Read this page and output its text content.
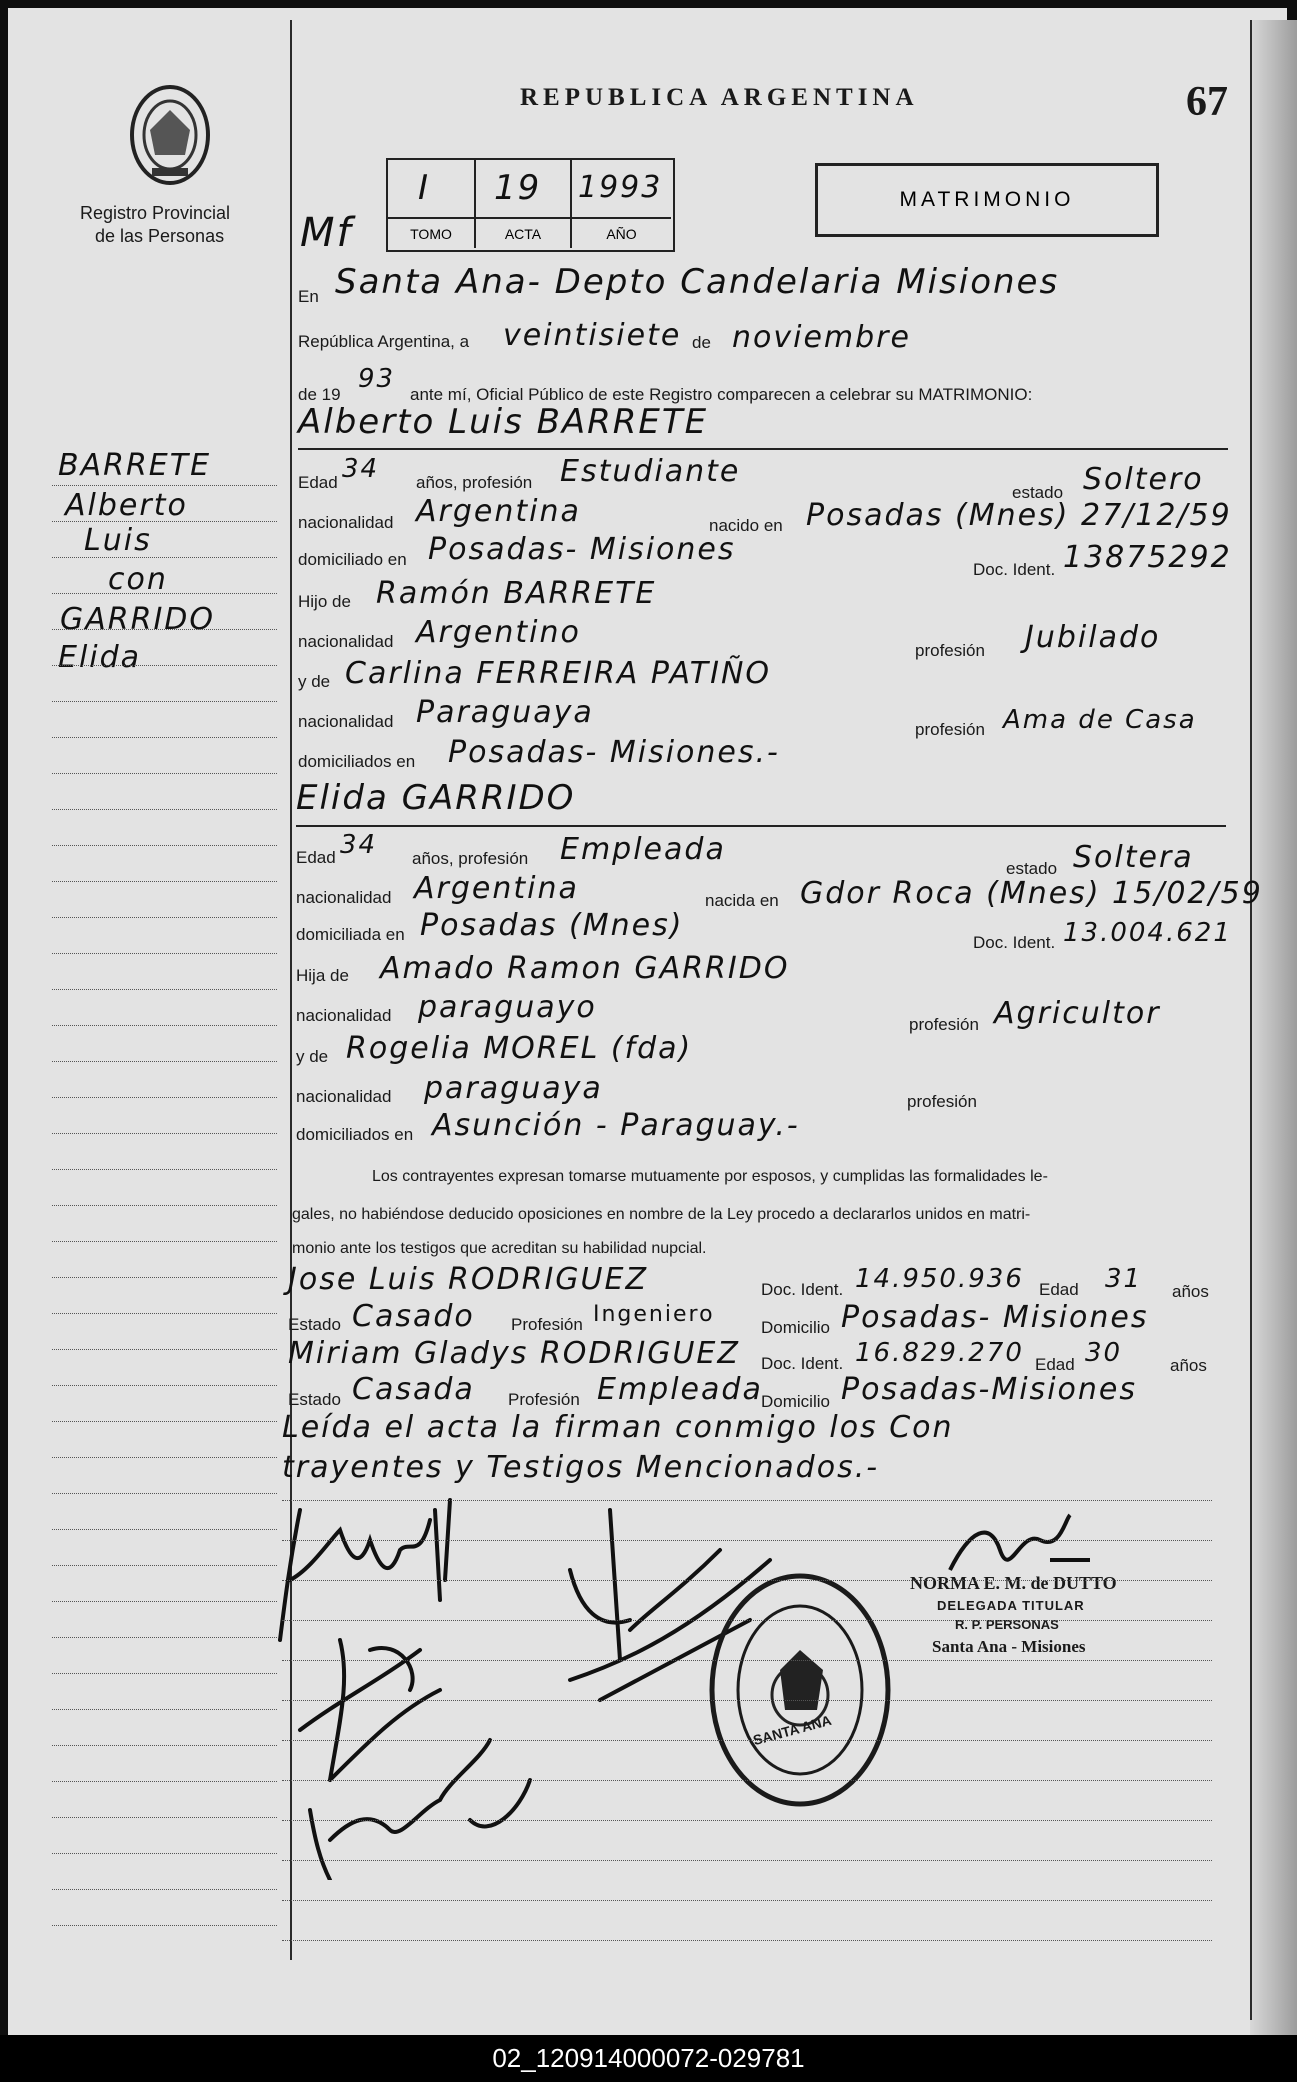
Registro Provincial
de las Personas
REPUBLICA ARGENTINA	67
Mf
I
TOMO
19
ACTA
1993
AÑO
MATRIMONIO
En Santa Ana- Depto Candelaria Misiones
República Argentina, a veintisiete de noviembre
de 19
93
ante mí, Oficial Público de este Registro comparecen a celebrar su MATRIMONIO:
BARRETE
Alberto
Luis
con
GARRIDO
Elida
Alberto Luis BARRETE
Edad 34 años, profesión Estudiante
estado Soltero
nacionalidad Argentina	nacido en Posadas (Mnes) 27/12/59
domiciliado en Posadas- Misiones
Doc. Ident. 13875292
Hijo de Ramón BARRETE
nacionalidad Argentino
profesión Jubilado
y de Carlina FERREIRA PATIÑO
nacionalidad Paraguaya	profesión Ama de Casa
domiciliados en Posadas- Misiones.-
Elida GARRIDO
Edad 34 años, profesión Empleada
estado Soltera
nacionalidad Argentina	nacida en Gdor Roca (Mnes) 15/02/59
domiciliada en Posadas (Mnes)	Doc. Ident. 13.004.621
Hija de Amado Ramon GARRIDO
nacionalidad paraguayo	profesión Agricultor
y de Rogelia MOREL (fda)
nacionalidad paraguaya	profesión
domiciliados en Asunción - Paraguay.-
Los contrayentes expresan tomarse mutuamente por esposos, y cumplidas las formalidades le-
gales, no habiéndose deducido oposiciones en nombre de la Ley procedo a declararlos unidos en matri-
monio ante los testigos que acreditan su habilidad nupcial.
Jose Luis RODRIGUEZ	Doc. Ident. 14.950.936 Edad 31 años
Estado Casado Profesión Ingeniero
Domicilio Posadas- Misiones
Miriam Gladys RODRIGUEZ Doc. Ident. 16.829.270 Edad 30	años
Estado Casada Profesión Empleada
Domicilio Posadas-Misiones
Leída el acta la firman conmigo los Con
trayentes y Testigos Mencionados.-
SANTA ANA
NORMA E. M. de DUTTO
DELEGADA TITULAR
R. P. PERSONAS
Santa Ana - Misiones
02_120914000072-029781
